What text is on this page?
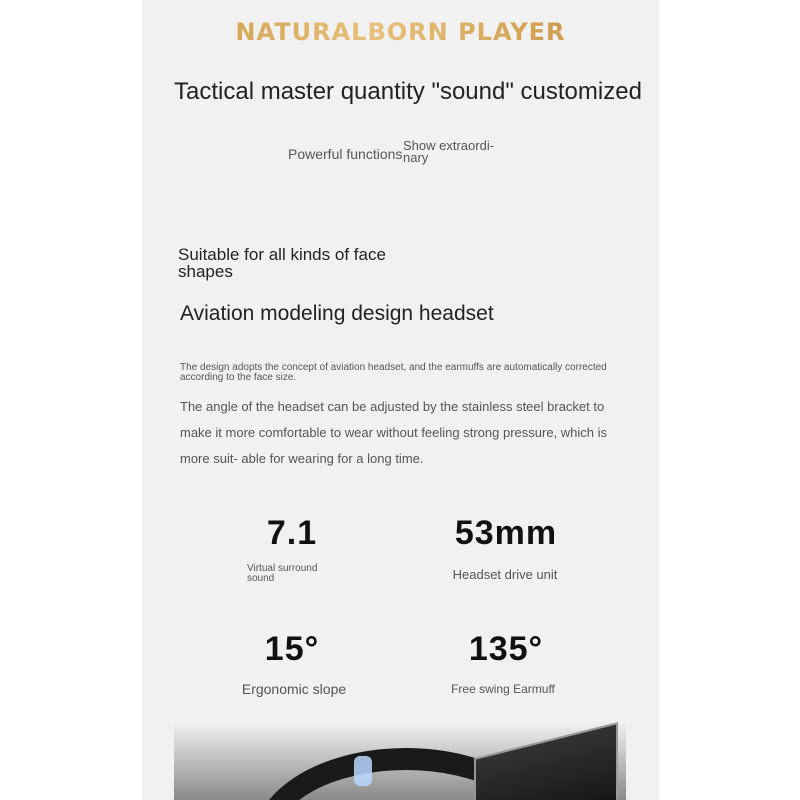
NATURALBORN PLAYER
Tactical master quantity "sound" customized
Powerful functions
Show extraordi- nary
Suitable for all kinds of face shapes
Aviation modeling design headset
The design adopts the concept of aviation headset, and the earmuffs are automatically corrected according to the face size.
The angle of the headset can be adjusted by the stainless steel bracket to make it more comfortable to wear without feeling strong pressure, which is more suit- able for wearing for a long time.
7.1
Virtual surround sound
53mm
Headset drive unit
15°
Ergonomic slope
135°
Free swing Earmuff
